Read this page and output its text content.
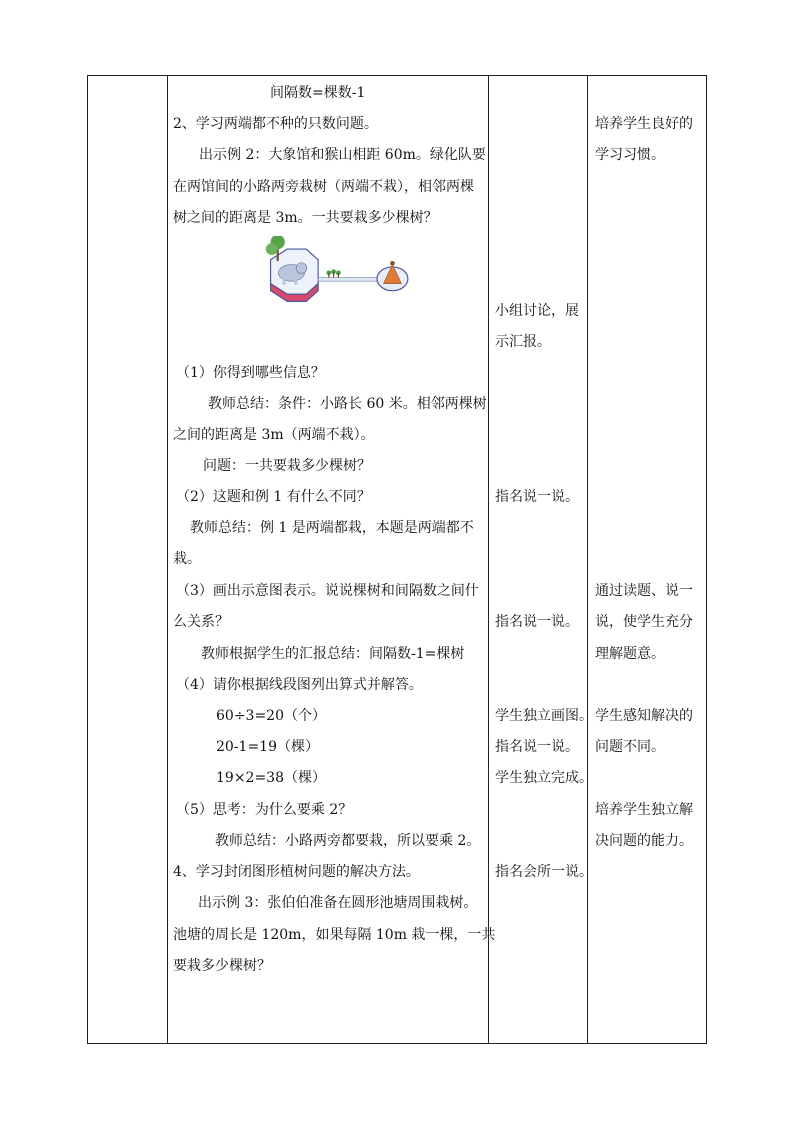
间隔数=棵数-1
2、学习两端都不种的只数问题。
出示例 2：大象馆和猴山相距 60m。绿化队要
在两馆间的小路两旁栽树（两端不栽），相邻两棵
树之间的距离是 3m。一共要栽多少棵树？
（1）你得到哪些信息？
教师总结：条件：小路长 60 米。相邻两棵树
之间的距离是 3m（两端不栽）。
问题：一共要栽多少棵树？
（2）这题和例 1 有什么不同？
教师总结：例 1 是两端都栽，本题是两端都不
栽。
（3）画出示意图表示。说说棵树和间隔数之间什
么关系？
教师根据学生的汇报总结：间隔数-1=棵树
（4）请你根据线段图列出算式并解答。
60÷3=20（个）
20-1=19（棵）
19×2=38（棵）
（5）思考：为什么要乘 2？
教师总结：小路两旁都要栽，所以要乘 2。
4、学习封闭图形植树问题的解决方法。
出示例 3：张伯伯准备在圆形池塘周围栽树。
池塘的周长是 120m，如果每隔 10m 栽一棵，一共
要栽多少棵树？
小组讨论，展
示汇报。
指名说一说。
指名说一说。
学生独立画图。
指名说一说。
学生独立完成。
指名会所一说。
培养学生良好的
学习习惯。
通过读题、说一
说，使学生充分
理解题意。
学生感知解决的
问题不同。
培养学生独立解
决问题的能力。
